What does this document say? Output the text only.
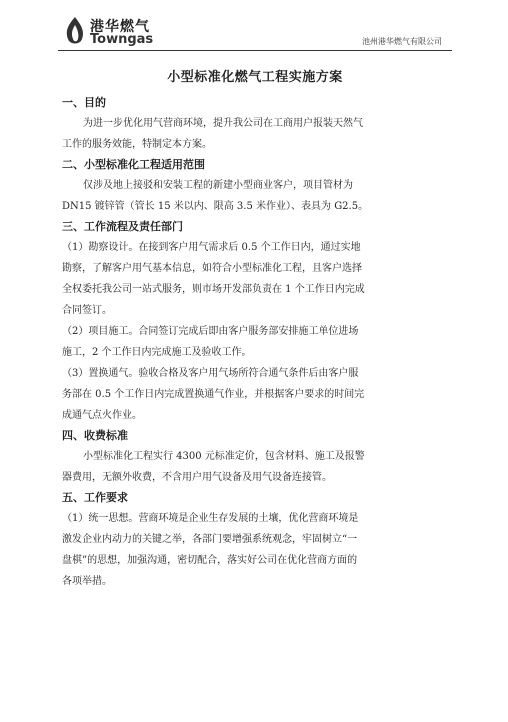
港华燃气
Towngas	池州港华燃气有限公司
小型标准化燃气工程实施方案

一、目的

为进一步优化用气营商环境，提升我公司在工商用户报装天然气
工作的服务效能，特制定本方案。

二、小型标准化工程适用范围

仅涉及地上接驳和安装工程的新建小型商业客户，项目管材为
DN15 镀锌管（管长 15 米以内、限高 3.5 米作业）、表具为 G2.5。

三、工作流程及责任部门

（1）勘察设计。在接到客户用气需求后 0.5 个工作日内，通过实地
勘察，了解客户用气基本信息，如符合小型标准化工程，且客户选择
全权委托我公司一站式服务，则市场开发部负责在 1 个工作日内完成
合同签订。

（2）项目施工。合同签订完成后即由客户服务部安排施工单位进场
施工，2 个工作日内完成施工及验收工作。

（3）置换通气。验收合格及客户用气场所符合通气条件后由客户服
务部在 0.5 个工作日内完成置换通气作业，并根据客户要求的时间完
成通气点火作业。

四、收费标准

小型标准化工程实行 4300 元标准定价，包含材料、施工及报警
器费用，无额外收费，不含用户用气设备及用气设备连接管。

五、工作要求

（1）统一思想。营商环境是企业生存发展的土壤，优化营商环境是
激发企业内动力的关键之举，各部门要增强系统观念，牢固树立“一
盘棋”的思想，加强沟通，密切配合，落实好公司在优化营商方面的
各项举措。
